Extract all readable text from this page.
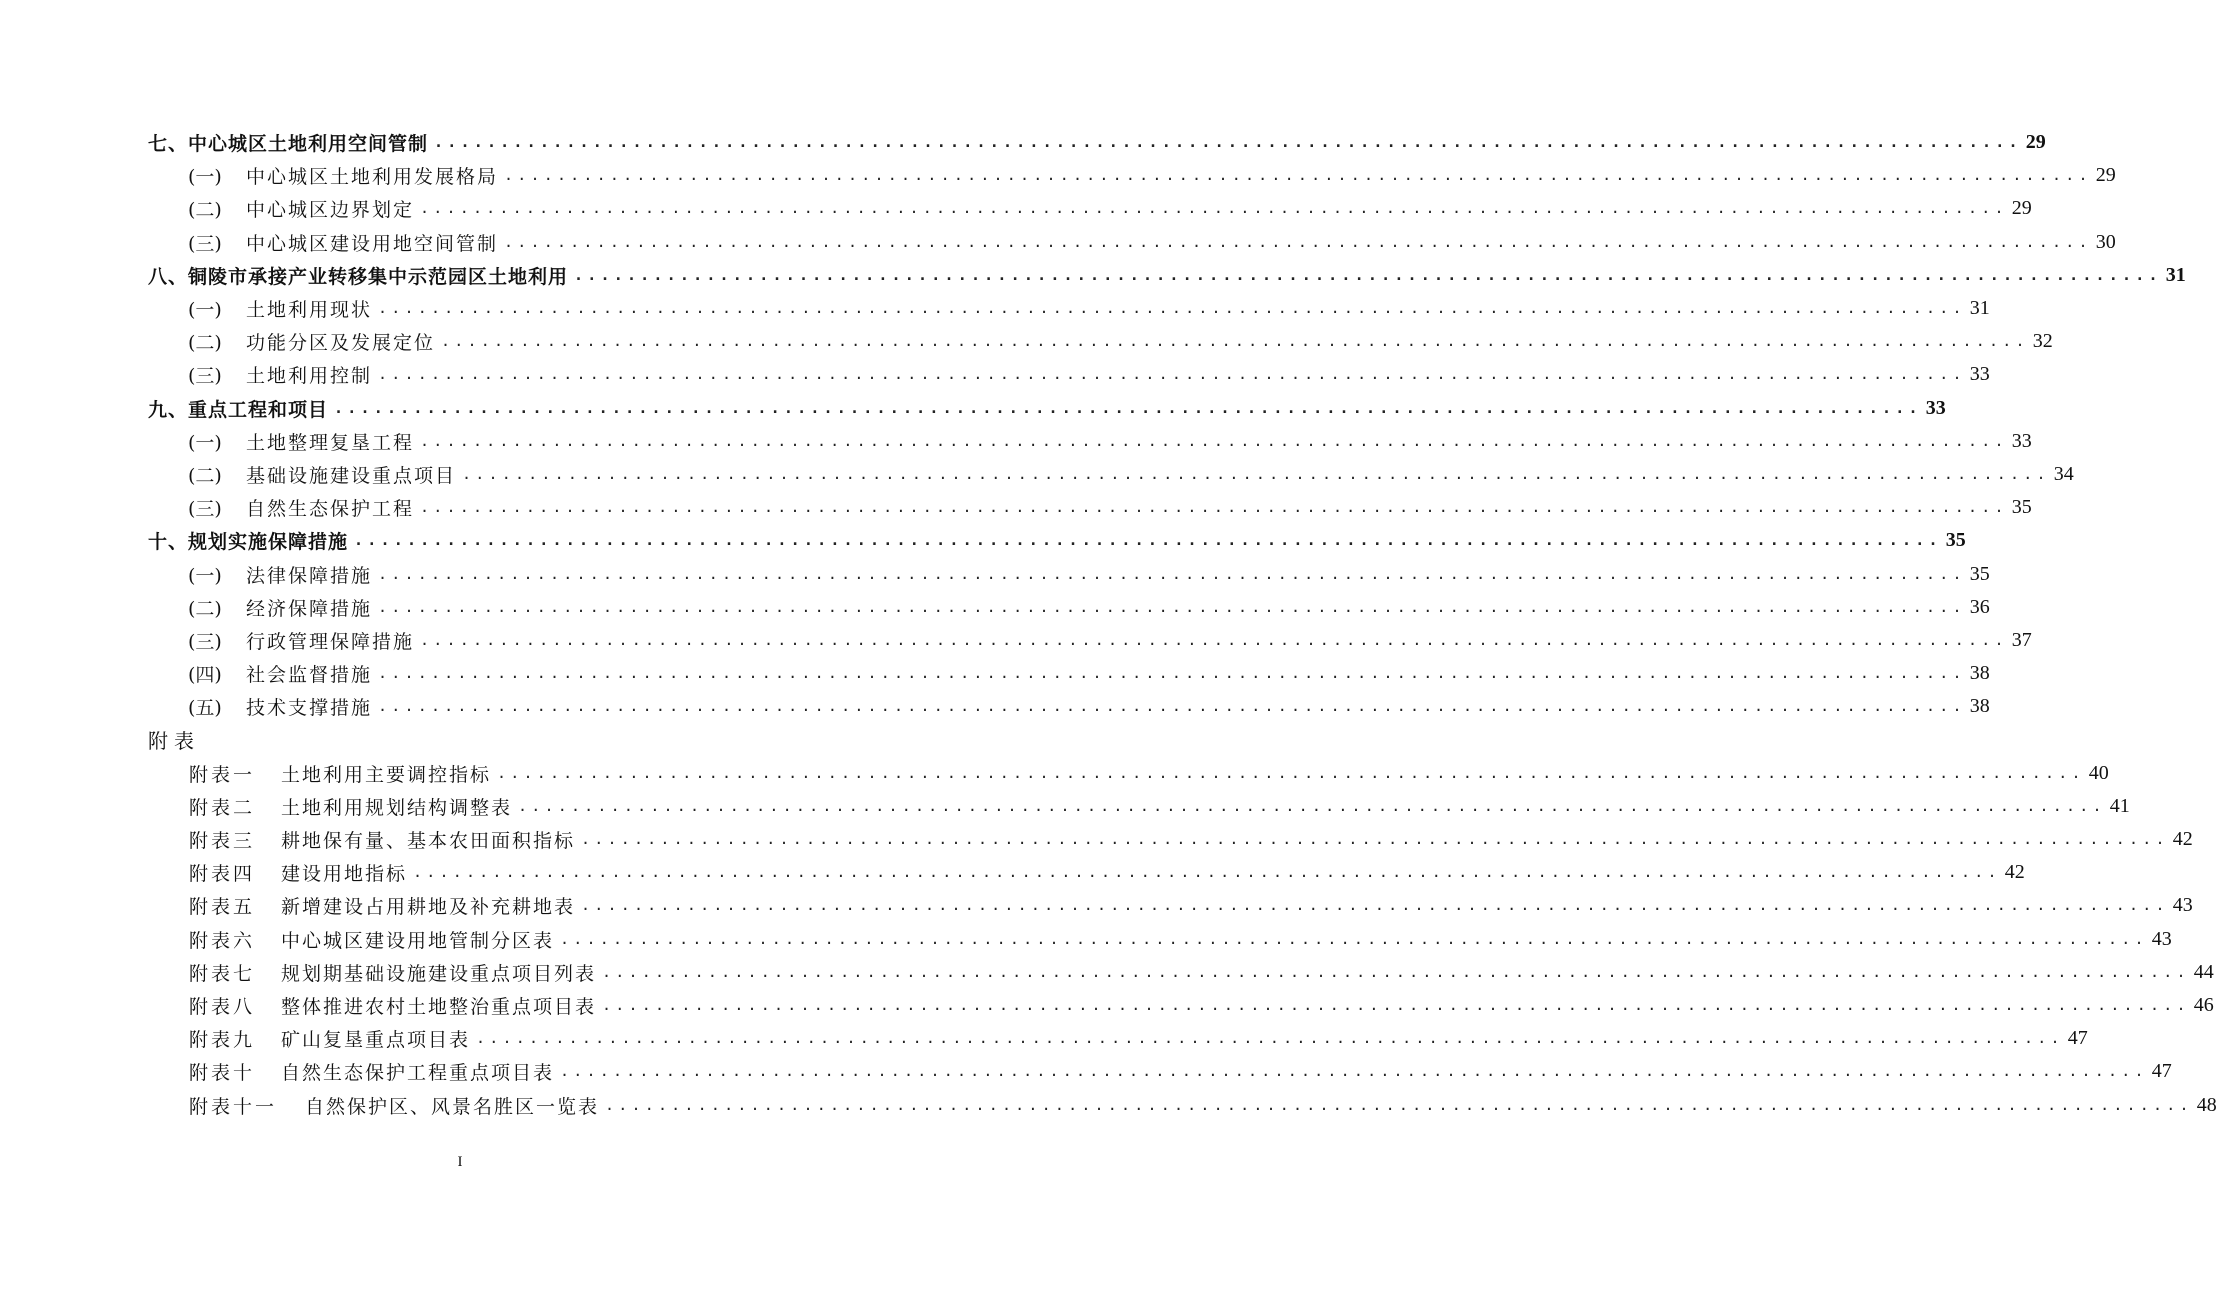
七、中心城区土地利用空间管制 ........................................................................................................................ 29
(一) 中心城区土地利用发展格局 ........................................................................................................................ 29
(二) 中心城区边界划定 ........................................................................................................................ 29
(三) 中心城区建设用地空间管制 ........................................................................................................................ 30
八、铜陵市承接产业转移集中示范园区土地利用 ........................................................................................................................ 31
(一) 土地利用现状 ........................................................................................................................ 31
(二) 功能分区及发展定位 ........................................................................................................................ 32
(三) 土地利用控制 ........................................................................................................................ 33
九、重点工程和项目 ........................................................................................................................ 33
(一) 土地整理复垦工程 ........................................................................................................................ 33
(二) 基础设施建设重点项目 ........................................................................................................................ 34
(三) 自然生态保护工程 ........................................................................................................................ 35
十、规划实施保障措施 ........................................................................................................................ 35
(一) 法律保障措施 ........................................................................................................................ 35
(二) 经济保障措施 ........................................................................................................................ 36
(三) 行政管理保障措施 ........................................................................................................................ 37
(四) 社会监督措施 ........................................................................................................................ 38
(五) 技术支撑措施 ........................................................................................................................ 38
附表
附表一 土地利用主要调控指标 ........................................................................................................................ 40
附表二 土地利用规划结构调整表 ........................................................................................................................ 41
附表三 耕地保有量、基本农田面积指标 ........................................................................................................................ 42
附表四 建设用地指标 ........................................................................................................................ 42
附表五 新增建设占用耕地及补充耕地表 ........................................................................................................................ 43
附表六 中心城区建设用地管制分区表 ........................................................................................................................ 43
附表七 规划期基础设施建设重点项目列表 ........................................................................................................................ 44
附表八 整体推进农村土地整治重点项目表 ........................................................................................................................ 46
附表九 矿山复垦重点项目表 ........................................................................................................................ 47
附表十 自然生态保护工程重点项目表 ........................................................................................................................ 47
附表十一 自然保护区、风景名胜区一览表 ........................................................................................................................ 48
I
